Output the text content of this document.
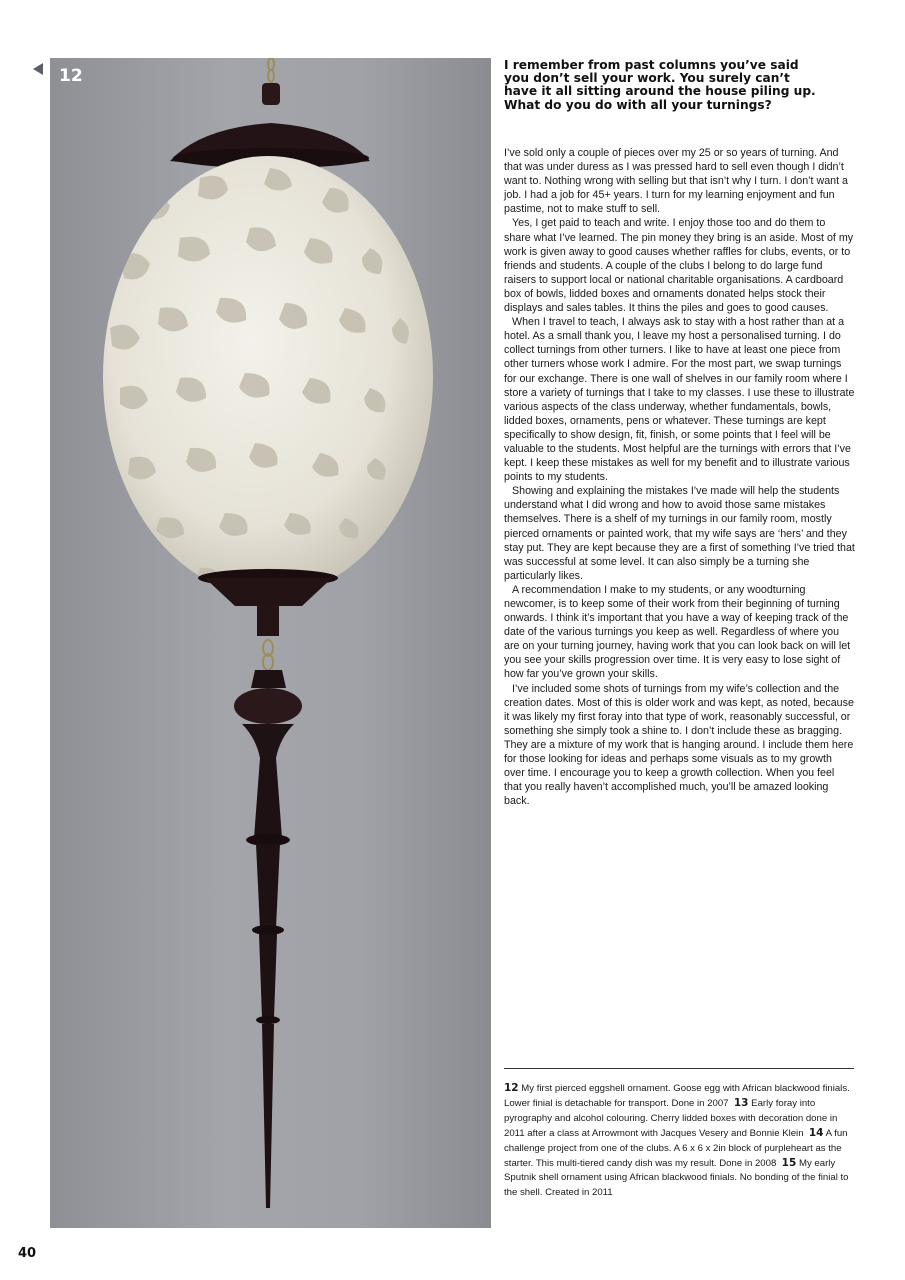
12
I remember from past columns you’ve said you don’t sell your work. You surely can’t have it all sitting around the house piling up. What do you do with all your turnings?

I’ve sold only a couple of pieces over my 25 or so years of turning. And that was under duress as I was pressed hard to sell even though I didn’t want to. Nothing wrong with selling but that isn’t why I turn. I don’t want a job. I had a job for 45+ years. I turn for my learning enjoyment and fun pastime, not to make stuff to sell.

Yes, I get paid to teach and write. I enjoy those too and do them to share what I’ve learned. The pin money they bring is an aside. Most of my work is given away to good causes whether raffles for clubs, events, or to friends and students. A couple of the clubs I belong to do large fund raisers to support local or national charitable organisations. A cardboard box of bowls, lidded boxes and ornaments donated helps stock their displays and sales tables. It thins the piles and goes to good causes.

When I travel to teach, I always ask to stay with a host rather than at a hotel. As a small thank you, I leave my host a personalised turning. I do collect turnings from other turners. I like to have at least one piece from other turners whose work I admire. For the most part, we swap turnings for our exchange. There is one wall of shelves in our family room where I store a variety of turnings that I take to my classes. I use these to illustrate various aspects of the class underway, whether fundamentals, bowls, lidded boxes, ornaments, pens or whatever. These turnings are kept specifically to show design, fit, finish, or some points that I feel will be valuable to the students. Most helpful are the turnings with errors that I’ve kept. I keep these mistakes as well for my benefit and to illustrate various points to my students.

Showing and explaining the mistakes I’ve made will help the students understand what I did wrong and how to avoid those same mistakes themselves. There is a shelf of my turnings in our family room, mostly pierced ornaments or painted work, that my wife says are ‘hers’ and they stay put. They are kept because they are a first of something I’ve tried that was successful at some level. It can also simply be a turning she particularly likes.

A recommendation I make to my students, or any woodturning newcomer, is to keep some of their work from their beginning of turning onwards. I think it’s important that you have a way of keeping track of the date of the various turnings you keep as well. Regardless of where you are on your turning journey, having work that you can look back on will let you see your skills progression over time. It is very easy to lose sight of how far you’ve grown your skills.

I’ve included some shots of turnings from my wife’s collection and the creation dates. Most of this is older work and was kept, as noted, because it was likely my first foray into that type of work, reasonably successful, or something she simply took a shine to. I don’t include these as bragging. They are a mixture of my work that is hanging around. I include them here for those looking for ideas and perhaps some visuals as to my growth over time. I encourage you to keep a growth collection. When you feel that you really haven’t accomplished much, you’ll be amazed looking back.

12 My first pierced eggshell ornament. Goose egg with African blackwood finials. Lower finial is detachable for transport. Done in 2007 13 Early foray into pyrography and alcohol colouring. Cherry lidded boxes with decoration done in 2011 after a class at Arrowmont with Jacques Vesery and Bonnie Klein 14 A fun challenge project from one of the clubs. A 6 x 6 x 2in block of purpleheart as the starter. This multi-tiered candy dish was my result. Done in 2008 15 My early Sputnik shell ornament using African blackwood finials. No bonding of the finial to the shell. Created in 2011
40
